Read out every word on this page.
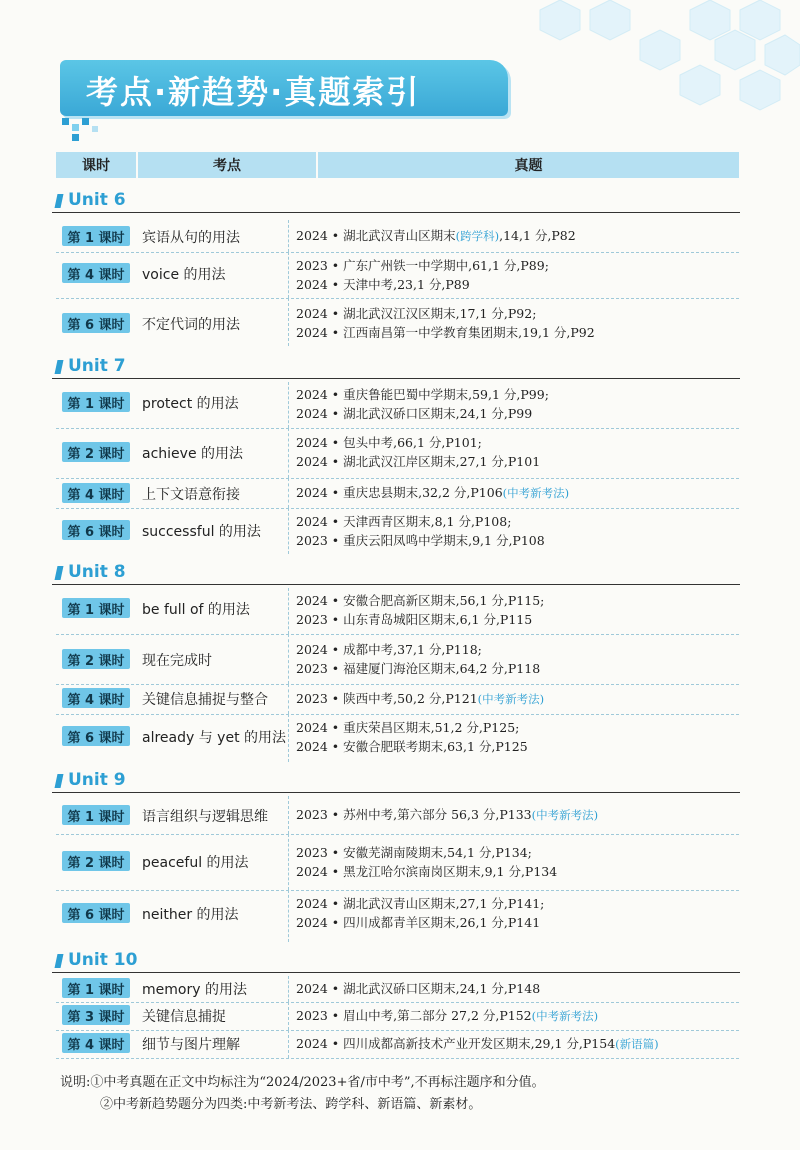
考点·新趋势·真题索引
课时	考点	真题
Unit 6
第 1 课时	宾语从句的用法	2024 • 湖北武汉青山区期末(跨学科),14,1 分,P82
第 4 课时	voice 的用法
2023 • 广东广州铁一中学期中,61,1 分,P89;
2024 • 天津中考,23,1 分,P89
第 6 课时	不定代词的用法
2024 • 湖北武汉江汉区期末,17,1 分,P92;
2024 • 江西南昌第一中学教育集团期末,19,1 分,P92
Unit 7
第 1 课时	protect 的用法
2024 • 重庆鲁能巴蜀中学期末,59,1 分,P99;
2024 • 湖北武汉硚口区期末,24,1 分,P99
第 2 课时	achieve 的用法
2024 • 包头中考,66,1 分,P101;
2024 • 湖北武汉江岸区期末,27,1 分,P101
第 4 课时	上下文语意衔接	2024 • 重庆忠县期末,32,2 分,P106(中考新考法)
第 6 课时	successful 的用法
2024 • 天津西青区期末,8,1 分,P108;
2023 • 重庆云阳凤鸣中学期末,9,1 分,P108
Unit 8
第 1 课时	be full of 的用法
2024 • 安徽合肥高新区期末,56,1 分,P115;
2023 • 山东青岛城阳区期末,6,1 分,P115
第 2 课时	现在完成时
2024 • 成都中考,37,1 分,P118;
2023 • 福建厦门海沧区期末,64,2 分,P118
第 4 课时	关键信息捕捉与整合 2023 • 陕西中考,50,2 分,P121(中考新考法)
第 6 课时	already 与 yet 的用法
2024 • 重庆荣昌区期末,51,2 分,P125;
2024 • 安徽合肥联考期末,63,1 分,P125
Unit 9
第 1 课时	语言组织与逻辑思维 2023 • 苏州中考,第六部分 56,3 分,P133(中考新考法)
第 2 课时	peaceful 的用法
2023 • 安徽芜湖南陵期末,54,1 分,P134;
2024 • 黑龙江哈尔滨南岗区期末,9,1 分,P134
第 6 课时	neither 的用法
2024 • 湖北武汉青山区期末,27,1 分,P141;
2024 • 四川成都青羊区期末,26,1 分,P141
Unit 10
第 1 课时	memory 的用法	2024 • 湖北武汉硚口区期末,24,1 分,P148
第 3 课时	关键信息捕捉	2023 • 眉山中考,第二部分 27,2 分,P152(中考新考法)
第 4 课时	细节与图片理解	2024 • 四川成都高新技术产业开发区期末,29,1 分,P154(新语篇)
说明:①中考真题在正文中均标注为“2024/2023+省/市中考”,不再标注题序和分值。
②中考新趋势题分为四类:中考新考法、跨学科、新语篇、新素材。
